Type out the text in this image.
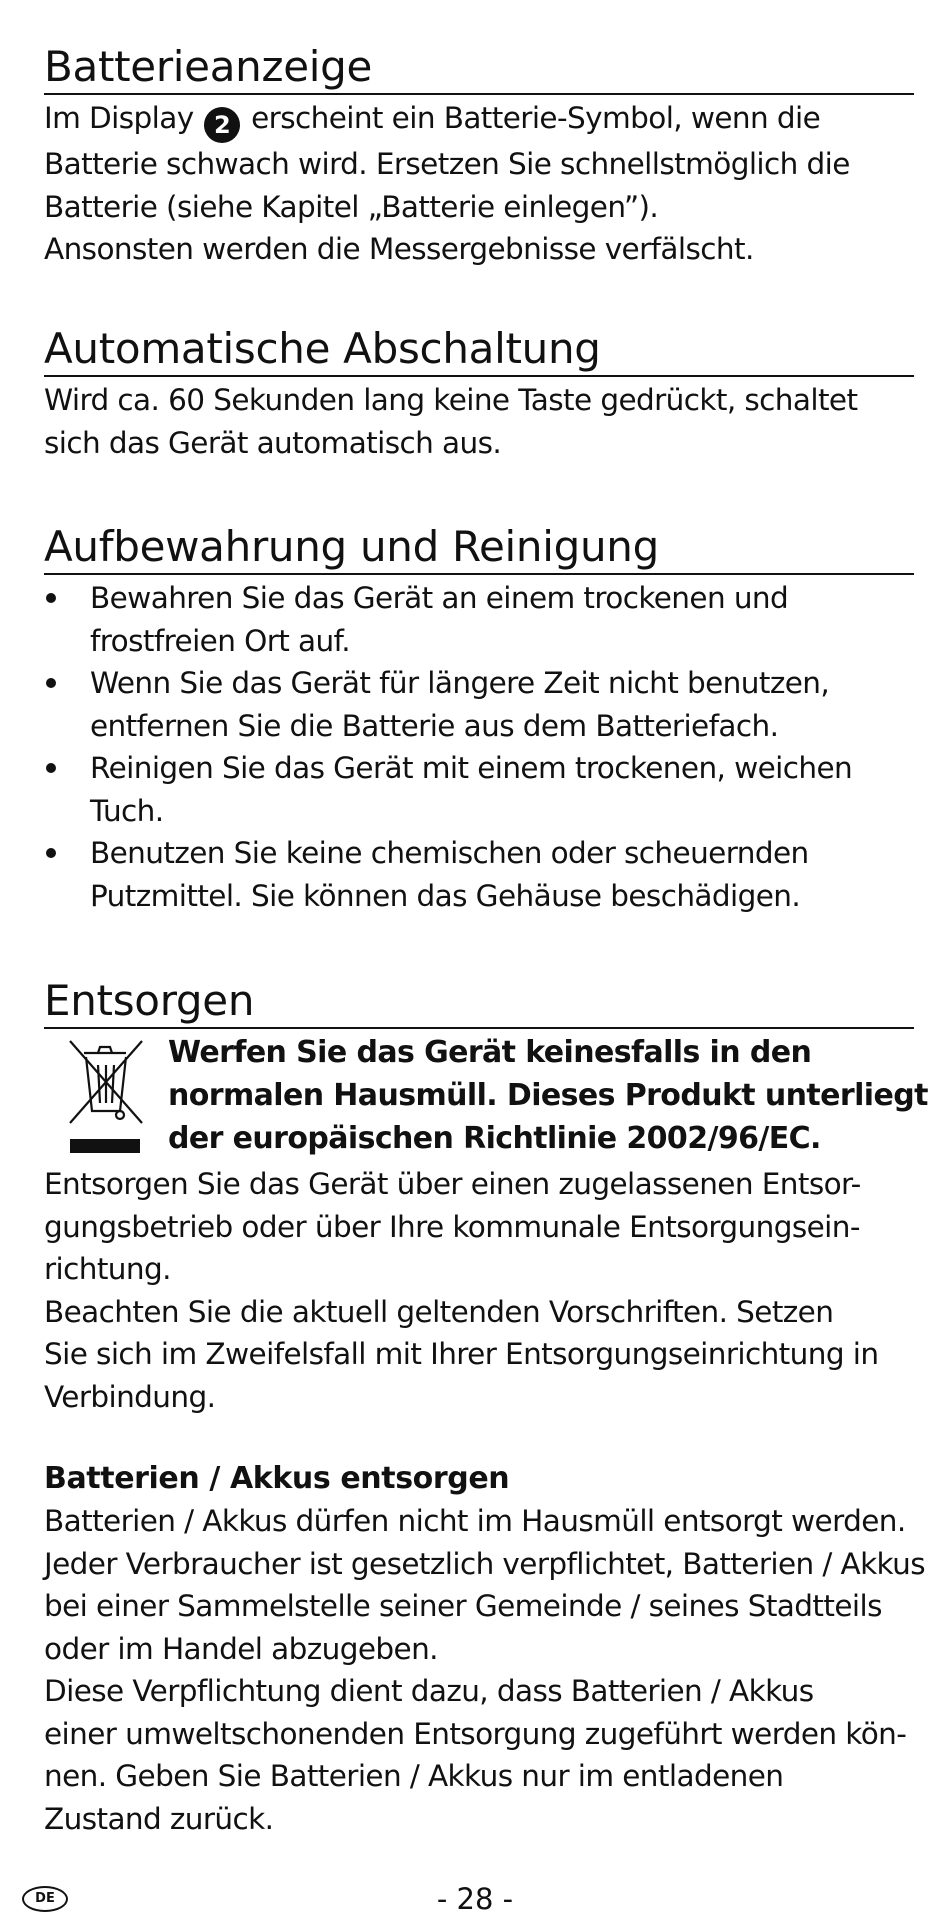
Batterieanzeige

Im Display 2 erscheint ein Batterie-Symbol, wenn die

Batterie schwach wird. Ersetzen Sie schnellstmöglich die

Batterie (siehe Kapitel „Batterie einlegen”).

Ansonsten werden die Messergebnisse verfälscht.

Automatische Abschaltung

Wird ca. 60 Sekunden lang keine Taste gedrückt, schaltet

sich das Gerät automatisch aus.

Aufbewahrung und Reinigung

Bewahren Sie das Gerät an einem trockenen und

frostfreien Ort auf.

Wenn Sie das Gerät für längere Zeit nicht benutzen,

entfernen Sie die Batterie aus dem Batteriefach.

Reinigen Sie das Gerät mit einem trockenen, weichen

Tuch.

Benutzen Sie keine chemischen oder scheuernden

Putzmittel. Sie können das Gehäuse beschädigen.

Entsorgen
Werfen Sie das Gerät keinesfalls in den
normalen Hausmüll. Dieses Produkt unterliegt
der europäischen Richtlinie 2002/96/EC.

Entsorgen Sie das Gerät über einen zugelassenen Entsor-

gungsbetrieb oder über Ihre kommunale Entsorgungsein-

richtung.

Beachten Sie die aktuell geltenden Vorschriften. Setzen

Sie sich im Zweifelsfall mit Ihrer Entsorgungseinrichtung in

Verbindung.

Batterien / Akkus entsorgen

Batterien / Akkus dürfen nicht im Hausmüll entsorgt werden.

Jeder Verbraucher ist gesetzlich verpflichtet, Batterien / Akkus

bei einer Sammelstelle seiner Gemeinde / seines Stadtteils

oder im Handel abzugeben.

Diese Verpflichtung dient dazu, dass Batterien / Akkus

einer umweltschonenden Entsorgung zugeführt werden kön-

nen. Geben Sie Batterien / Akkus nur im entladenen

Zustand zurück.

DE	- 28 -
